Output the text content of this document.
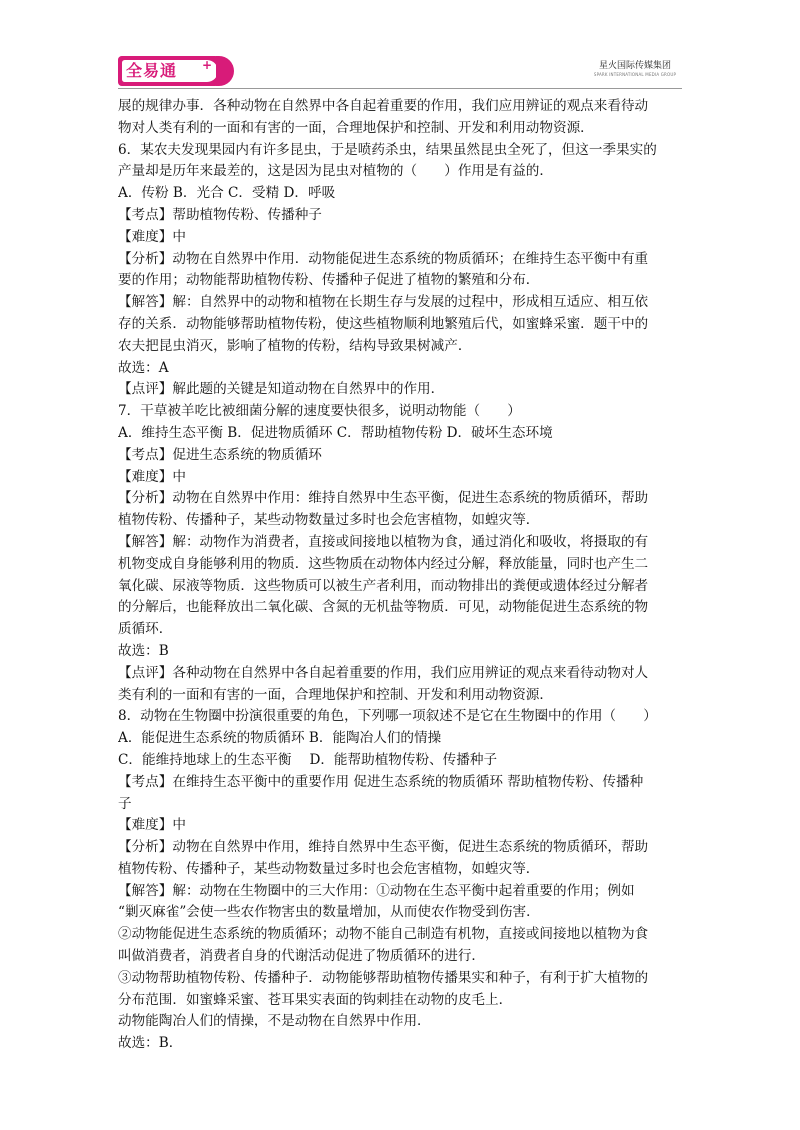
全易通 +	星火国际传媒集团
SPARK INTERNATIONAL MEDIA GROUP
展的规律办事．各种动物在自然界中各自起着重要的作用，我们应用辨证的观点来看待动
物对人类有利的一面和有害的一面，合理地保护和控制、开发和利用动物资源．
6．某农夫发现果园内有许多昆虫，于是喷药杀虫，结果虽然昆虫全死了，但这一季果实的
产量却是历年来最差的，这是因为昆虫对植物的（　　）作用是有益的．
A．传粉 B．光合 C．受精 D．呼吸
【考点】帮助植物传粉、传播种子
【难度】中
【分析】动物在自然界中作用．动物能促进生态系统的物质循环；在维持生态平衡中有重
要的作用；动物能帮助植物传粉、传播种子促进了植物的繁殖和分布．
【解答】解：自然界中的动物和植物在长期生存与发展的过程中，形成相互适应、相互依
存的关系．动物能够帮助植物传粉，使这些植物顺利地繁殖后代，如蜜蜂采蜜．题干中的
农夫把昆虫消灭，影响了植物的传粉，结构导致果树减产．
故选：A
【点评】解此题的关键是知道动物在自然界中的作用．
7．干草被羊吃比被细菌分解的速度要快很多，说明动物能（　　）
A．维持生态平衡 B．促进物质循环 C．帮助植物传粉 D．破坏生态环境
【考点】促进生态系统的物质循环
【难度】中
【分析】动物在自然界中作用：维持自然界中生态平衡，促进生态系统的物质循环，帮助
植物传粉、传播种子，某些动物数量过多时也会危害植物，如蝗灾等．
【解答】解：动物作为消费者，直接或间接地以植物为食，通过消化和吸收，将摄取的有
机物变成自身能够利用的物质．这些物质在动物体内经过分解，释放能量，同时也产生二
氧化碳、尿液等物质．这些物质可以被生产者利用，而动物排出的粪便或遗体经过分解者
的分解后，也能释放出二氧化碳、含氮的无机盐等物质．可见，动物能促进生态系统的物
质循环．
故选：B
【点评】各种动物在自然界中各自起着重要的作用，我们应用辨证的观点来看待动物对人
类有利的一面和有害的一面，合理地保护和控制、开发和利用动物资源．
8．动物在生物圈中扮演很重要的角色，下列哪一项叙述不是它在生物圈中的作用（　　）
A．能促进生态系统的物质循环 B．能陶冶人们的情操
C．能维持地球上的生态平衡　 D．能帮助植物传粉、传播种子
【考点】在维持生态平衡中的重要作用 促进生态系统的物质循环 帮助植物传粉、传播种
子
【难度】中
【分析】动物在自然界中作用，维持自然界中生态平衡，促进生态系统的物质循环，帮助
植物传粉、传播种子，某些动物数量过多时也会危害植物，如蝗灾等．
【解答】解：动物在生物圈中的三大作用：①动物在生态平衡中起着重要的作用；例如
“剿灭麻雀”会使一些农作物害虫的数量增加，从而使农作物受到伤害．
②动物能促进生态系统的物质循环；动物不能自己制造有机物，直接或间接地以植物为食
叫做消费者，消费者自身的代谢活动促进了物质循环的进行．
③动物帮助植物传粉、传播种子．动物能够帮助植物传播果实和种子，有利于扩大植物的
分布范围．如蜜蜂采蜜、苍耳果实表面的钩刺挂在动物的皮毛上．
动物能陶冶人们的情操，不是动物在自然界中作用．
故选：B．
